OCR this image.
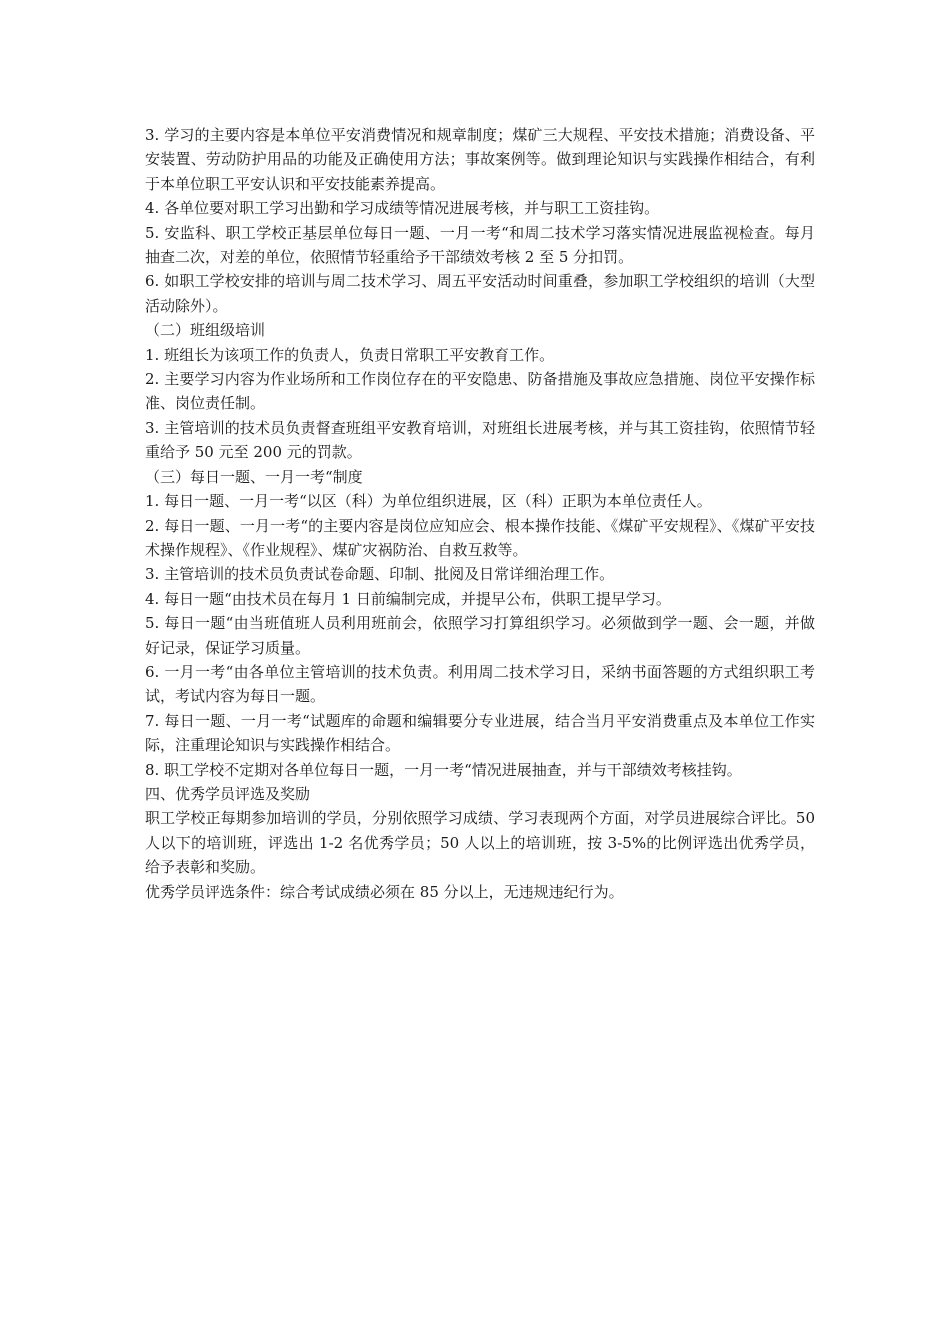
3. 学习的主要内容是本单位平安消费情况和规章制度；煤矿三大规程、平安技术措施；消费设备、平安装置、劳动防护用品的功能及正确使用方法；事故案例等。做到理论知识与实践操作相结合，有利于本单位职工平安认识和平安技能素养提高。

4. 各单位要对职工学习出勤和学习成绩等情况进展考核，并与职工工资挂钩。

5. 安监科、职工学校正基层单位每日一题、一月一考“和周二技术学习落实情况进展监视检查。每月抽查二次，对差的单位，依照情节轻重给予干部绩效考核 2 至 5 分扣罚。

6. 如职工学校安排的培训与周二技术学习、周五平安活动时间重叠，参加职工学校组织的培训（大型活动除外）。

（二）班组级培训

1. 班组长为该项工作的负责人，负责日常职工平安教育工作。

2. 主要学习内容为作业场所和工作岗位存在的平安隐患、防备措施及事故应急措施、岗位平安操作标准、岗位责任制。

3. 主管培训的技术员负责督查班组平安教育培训，对班组长进展考核，并与其工资挂钩，依照情节轻重给予 50 元至 200 元的罚款。

（三）每日一题、一月一考“制度

1. 每日一题、一月一考“以区（科）为单位组织进展，区（科）正职为本单位责任人。

2. 每日一题、一月一考“的主要内容是岗位应知应会、根本操作技能、《煤矿平安规程》、《煤矿平安技术操作规程》、《作业规程》、煤矿灾祸防治、自救互救等。

3. 主管培训的技术员负责试卷命题、印制、批阅及日常详细治理工作。

4. 每日一题“由技术员在每月 1 日前编制完成，并提早公布，供职工提早学习。

5. 每日一题“由当班值班人员利用班前会，依照学习打算组织学习。必须做到学一题、会一题，并做好记录，保证学习质量。

6. 一月一考“由各单位主管培训的技术负责。利用周二技术学习日，采纳书面答题的方式组织职工考试，考试内容为每日一题。

7. 每日一题、一月一考“试题库的命题和编辑要分专业进展，结合当月平安消费重点及本单位工作实际，注重理论知识与实践操作相结合。

8. 职工学校不定期对各单位每日一题，一月一考“情况进展抽查，并与干部绩效考核挂钩。

四、优秀学员评选及奖励

职工学校正每期参加培训的学员，分别依照学习成绩、学习表现两个方面，对学员进展综合评比。50 人以下的培训班，评选出 1-2 名优秀学员；50 人以上的培训班，按 3-5%的比例评选出优秀学员，给予表彰和奖励。

优秀学员评选条件：综合考试成绩必须在 85 分以上，无违规违纪行为。
